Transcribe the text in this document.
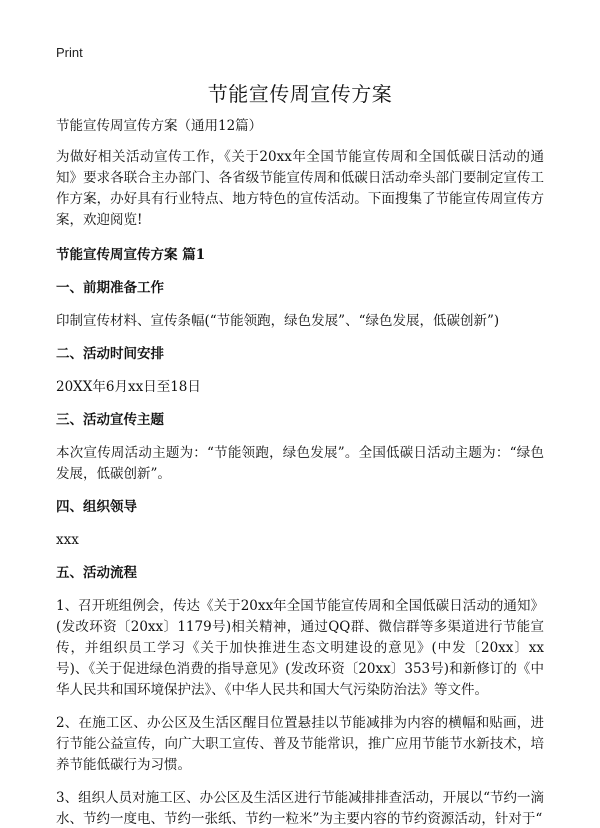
Print
节能宣传周宣传方案

节能宣传周宣传方案（通用12篇）

为做好相关活动宣传工作，《关于20xx年全国节能宣传周和全国低碳日活动的通知》要求各联合主办部门、各省级节能宣传周和低碳日活动牵头部门要制定宣传工作方案，办好具有行业特点、地方特色的宣传活动。下面搜集了节能宣传周宣传方案，欢迎阅览!

节能宣传周宣传方案 篇1

一、前期准备工作

印制宣传材料、宣传条幅(“节能领跑，绿色发展”、“绿色发展，低碳创新”)

二、活动时间安排

20XX年6月xx日至18日

三、活动宣传主题

本次宣传周活动主题为：“节能领跑，绿色发展”。全国低碳日活动主题为：“绿色发展，低碳创新”。

四、组织领导

xxx

五、活动流程

1、召开班组例会，传达《关于20xx年全国节能宣传周和全国低碳日活动的通知》(发改环资〔20xx〕1179号)相关精神，通过QQ群、微信群等多渠道进行节能宣传，并组织员工学习《关于加快推进生态文明建设的意见》(中发〔20xx〕xx号)、《关于促进绿色消费的指导意见》(发改环资〔20xx〕353号)和新修订的《中华人民共和国环境保护法》、《中华人民共和国大气污染防治法》等文件。

2、在施工区、办公区及生活区醒目位置悬挂以节能减排为内容的横幅和贴画，进行节能公益宣传，向广大职工宣传、普及节能常识，推广应用节能节水新技术，培养节能低碳行为习惯。

3、组织人员对施工区、办公区及生活区进行节能减排排查活动，开展以“节约一滴水、节约一度电、节约一张纸、节约一粒米”为主要内容的节约资源活动，针对于“
